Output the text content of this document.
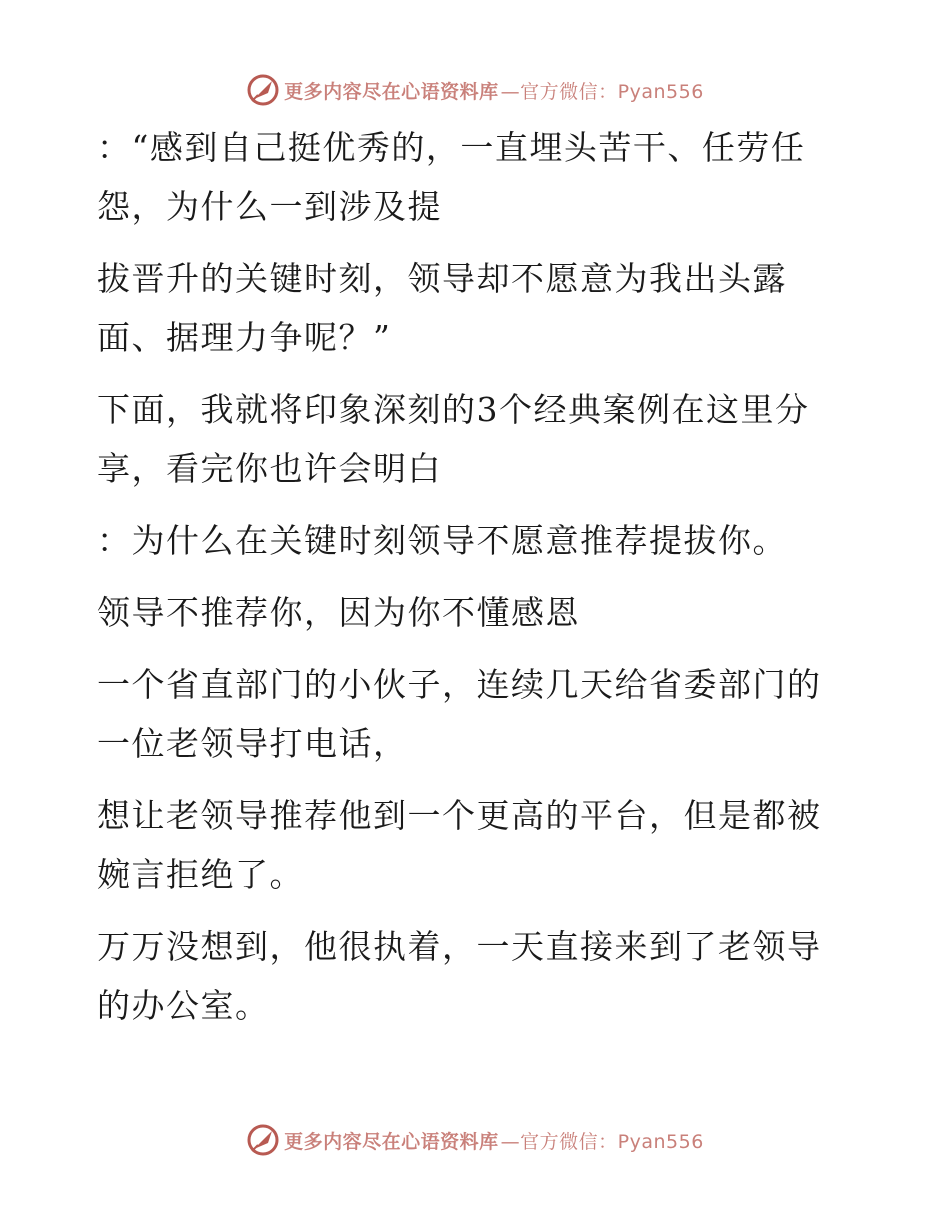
更多内容尽在心语资料库 —官方微信：Pyan556

：“感到自己挺优秀的，一直埋头苦干、任劳任怨，为什么一到涉及提

拔晋升的关键时刻，领导却不愿意为我出头露面、据理力争呢？”

下面，我就将印象深刻的3个经典案例在这里分享，看完你也许会明白

：为什么在关键时刻领导不愿意推荐提拔你。

领导不推荐你，因为你不懂感恩

一个省直部门的小伙子，连续几天给省委部门的一位老领导打电话，

想让老领导推荐他到一个更高的平台，但是都被婉言拒绝了。

万万没想到，他很执着，一天直接来到了老领导的办公室。

更多内容尽在心语资料库 —官方微信：Pyan556
